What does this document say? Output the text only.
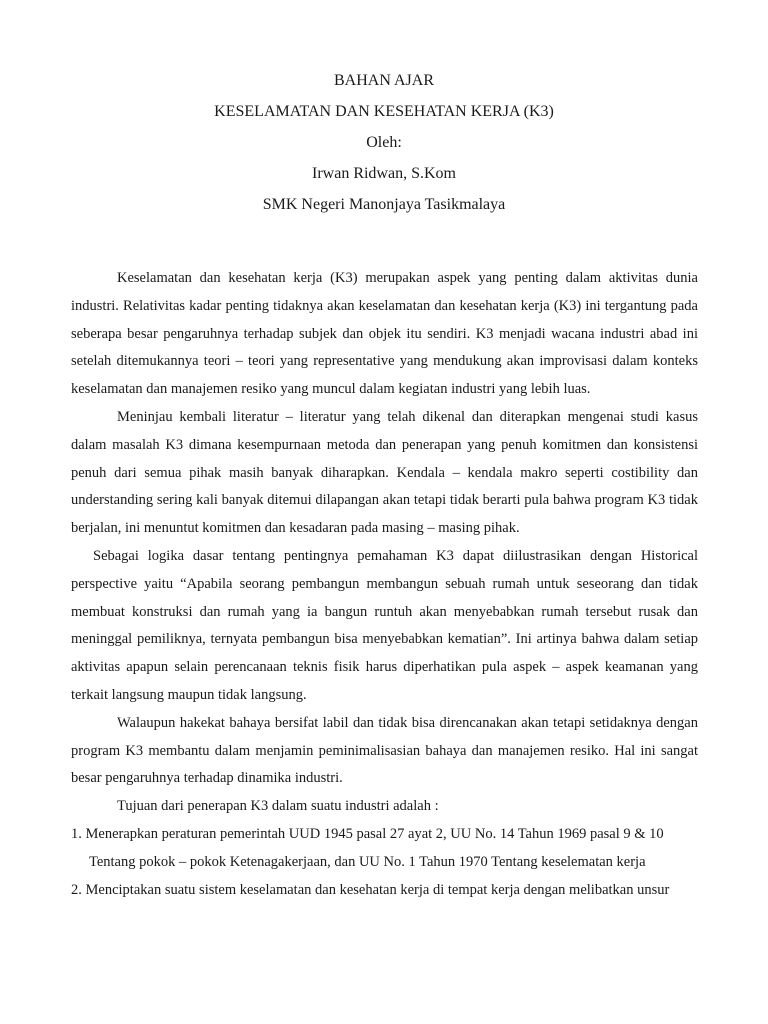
BAHAN AJAR
KESELAMATAN DAN KESEHATAN KERJA (K3)
Oleh:
Irwan Ridwan, S.Kom
SMK Negeri Manonjaya Tasikmalaya

Keselamatan dan kesehatan kerja (K3) merupakan aspek yang penting dalam aktivitas dunia industri. Relativitas kadar penting tidaknya akan keselamatan dan kesehatan kerja (K3) ini tergantung pada seberapa besar pengaruhnya terhadap subjek dan objek itu sendiri. K3 menjadi wacana industri abad ini setelah ditemukannya teori – teori yang representative yang mendukung akan improvisasi dalam konteks keselamatan dan manajemen resiko yang muncul dalam kegiatan industri yang lebih luas.

Meninjau kembali literatur – literatur yang telah dikenal dan diterapkan mengenai studi kasus dalam masalah K3 dimana kesempurnaan metoda dan penerapan yang penuh komitmen dan konsistensi penuh dari semua pihak masih banyak diharapkan. Kendala – kendala makro seperti costibility dan understanding sering kali banyak ditemui dilapangan akan tetapi tidak berarti pula bahwa program K3 tidak berjalan, ini menuntut komitmen dan kesadaran pada masing – masing pihak.

Sebagai logika dasar tentang pentingnya pemahaman K3 dapat diilustrasikan dengan Historical perspective yaitu “Apabila seorang pembangun membangun sebuah rumah untuk seseorang dan tidak membuat konstruksi dan rumah yang ia bangun runtuh akan menyebabkan rumah tersebut rusak dan meninggal pemiliknya, ternyata pembangun bisa menyebabkan kematian”. Ini artinya bahwa dalam setiap aktivitas apapun selain perencanaan teknis fisik harus diperhatikan pula aspek – aspek keamanan yang terkait langsung maupun tidak langsung.

Walaupun hakekat bahaya bersifat labil dan tidak bisa direncanakan akan tetapi setidaknya dengan program K3 membantu dalam menjamin peminimalisasian bahaya dan manajemen resiko. Hal ini sangat besar pengaruhnya terhadap dinamika industri.

Tujuan dari penerapan K3 dalam suatu industri adalah :

1. Menerapkan peraturan pemerintah UUD 1945 pasal 27 ayat 2, UU No. 14 Tahun 1969 pasal 9 & 10
Tentang pokok – pokok Ketenagakerjaan, dan UU No. 1 Tahun 1970 Tentang keselematan kerja
2. Menciptakan suatu sistem keselamatan dan kesehatan kerja di tempat kerja dengan melibatkan unsur
